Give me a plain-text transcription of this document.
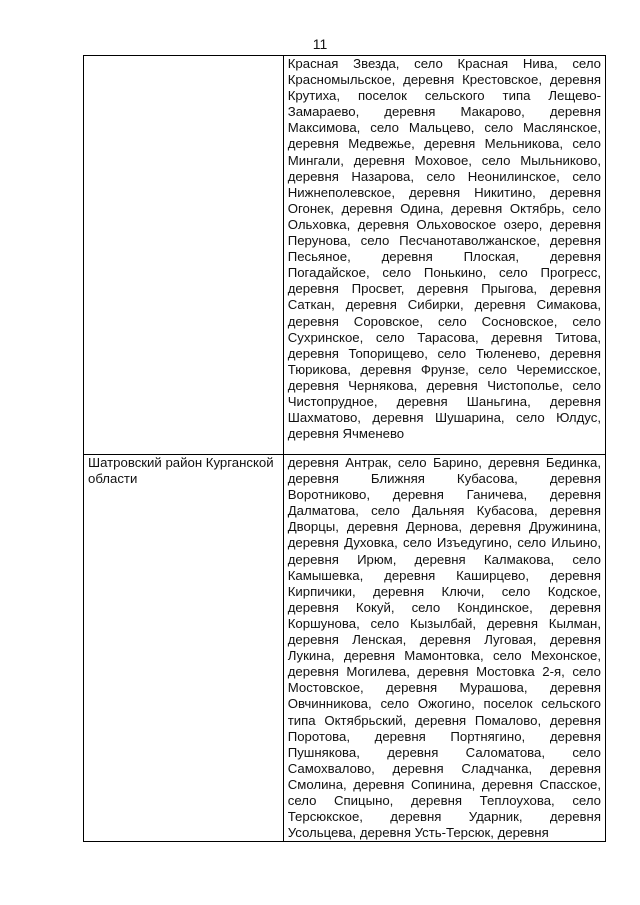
11
	Красная Звезда, село Красная Нива, село Красномыльское, деревня Крестовское, деревня Крутиха, поселок сельского типа Лещево-Замараево, деревня Макарово, деревня Максимова, село Мальцево, село Маслянское, деревня Медвежье, деревня Мельникова, село Мингали, деревня Моховое, село Мыльниково, деревня Назарова, село Неонилинское, село Нижнеполевское, деревня Никитино, деревня Огонек, деревня Одина, деревня Октябрь, село Ольховка, деревня Ольховоское озеро, деревня Перунова, село Песчанотаволжанское, деревня Песьяное, деревня Плоская, деревня Погадайское, село Понькино, село Прогресс, деревня Просвет, деревня Прыгова, деревня Саткан, деревня Сибирки, деревня Симакова, деревня Соровское, село Сосновское, село Сухринское, село Тарасова, деревня Титова, деревня Топорищево, село Тюленево, деревня Тюрикова, деревня Фрунзе, село Черемисское, деревня Чернякова, деревня Чистополье, село Чистопрудное, деревня Шаньгина, деревня Шахматово, деревня Шушарина, село Юлдус, деревня Ячменево
Шатровский район Курганской области	деревня Антрак, село Барино, деревня Бединка, деревня Ближняя Кубасова, деревня Воротниково, деревня Ганичева, деревня Далматова, село Дальняя Кубасова, деревня Дворцы, деревня Дернова, деревня Дружинина, деревня Духовка, село Изъедугино, село Ильино, деревня Ирюм, деревня Калмакова, село Камышевка, деревня Каширцево, деревня Кирпичики, деревня Ключи, село Кодское, деревня Кокуй, село Кондинское, деревня Коршунова, село Кызылбай, деревня Кылман, деревня Ленская, деревня Луговая, деревня Лукина, деревня Мамонтовка, село Мехонское, деревня Могилева, деревня Мостовка 2-я, село Мостовское, деревня Мурашова, деревня Овчинникова, село Ожогино, поселок сельского типа Октябрьский, деревня Помалово, деревня Поротова, деревня Портнягино, деревня Пушнякова, деревня Саломатова, село Самохвалово, деревня Сладчанка, деревня Смолина, деревня Сопинина, деревня Спасское, село Спицыно, деревня Теплоухова, село Терсюкское, деревня Ударник, деревня Усольцева, деревня Усть-Терсюк, деревня
